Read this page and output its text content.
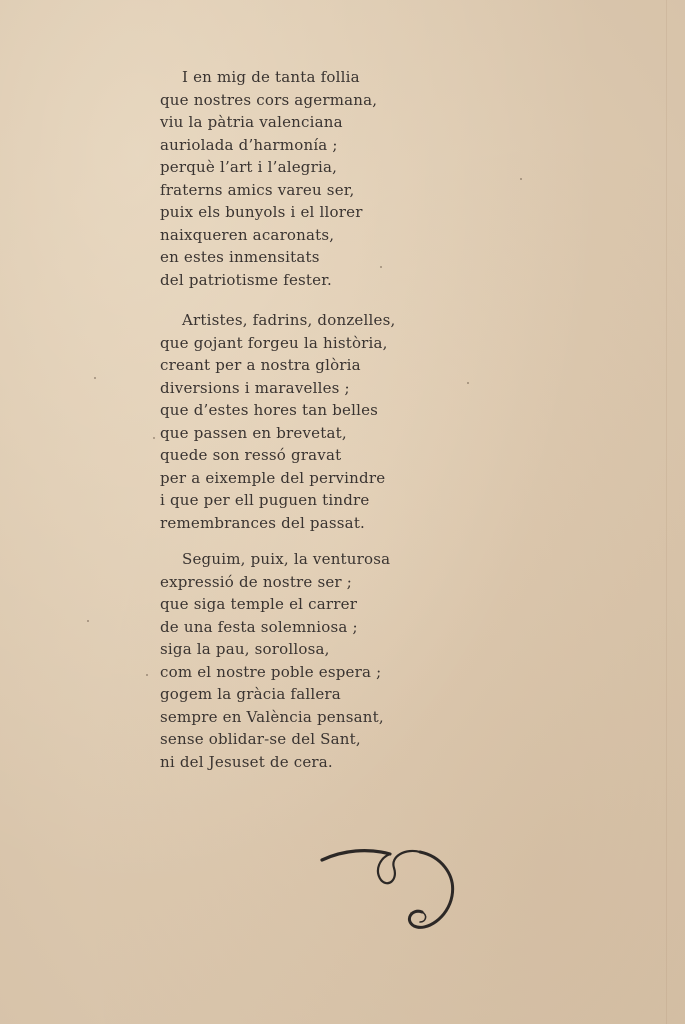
I en mig de tanta follia
que nostres cors agermana,
viu la pàtria valenciana
auriolada d’harmonía ;
perquè l’art i l’alegria,
fraterns amics vareu ser,
puix els bunyols i el llorer
naixqueren acaronats,
en estes inmensitats
del patriotisme fester.
Artistes, fadrins, donzelles,
que gojant forgeu la història,
creant per a nostra glòria
diversions i maravelles ;
que d’estes hores tan belles
que passen en brevetat,
quede son ressó gravat
per a eixemple del pervindre
i que per ell puguen tindre
remembrances del passat.
Seguim, puix, la venturosa
expressió de nostre ser ;
que siga temple el carrer
de una festa solemniosa ;
siga la pau, sorollosa,
com el nostre poble espera ;
gogem la gràcia fallera
sempre en València pensant,
sense oblidar-se del Sant,
ni del Jesuset de cera.
